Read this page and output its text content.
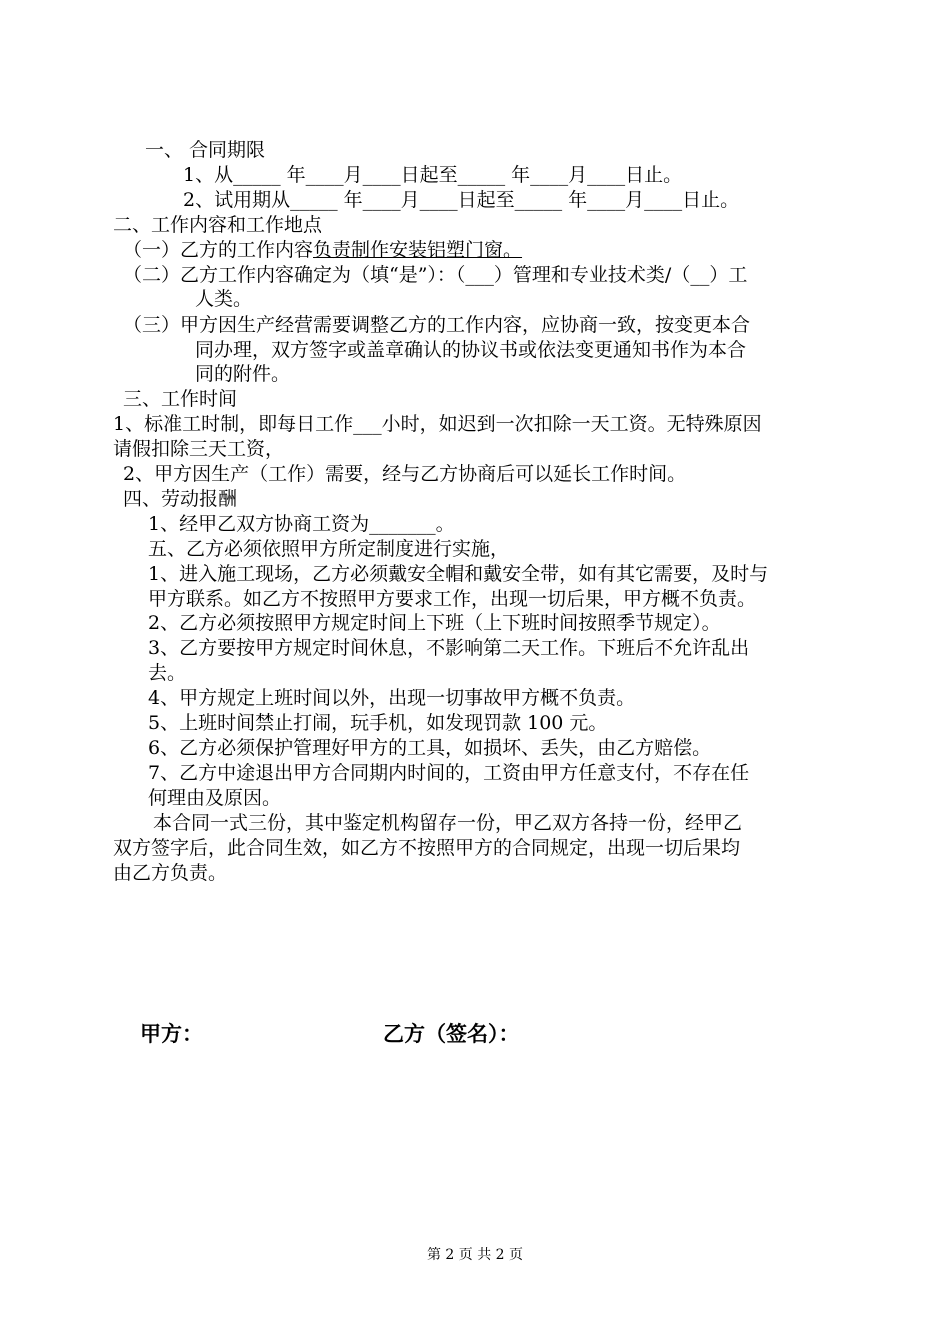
一、 合同期限
1、从_____ 年____月____日起至_____ 年____月____日止。
2、试用期从_____ 年____月____日起至_____ 年____月____日止。
二、工作内容和工作地点
（一）乙方的工作内容负责制作安装铝塑门窗。
（二）乙方工作内容确定为（填“是”）：（___）管理和专业技术类/（__）工
人类。
（三）甲方因生产经营需要调整乙方的工作内容，应协商一致，按变更本合
同办理，双方签字或盖章确认的协议书或依法变更通知书作为本合
同的附件。
三、工作时间
1、标准工时制，即每日工作___小时，如迟到一次扣除一天工资。无特殊原因
请假扣除三天工资，
2、甲方因生产（工作）需要，经与乙方协商后可以延长工作时间。
四、劳动报酬
1、经甲乙双方协商工资为_______。
五、乙方必须依照甲方所定制度进行实施，
1、进入施工现场，乙方必须戴安全帽和戴安全带，如有其它需要，及时与
甲方联系。如乙方不按照甲方要求工作，出现一切后果，甲方概不负责。
2、乙方必须按照甲方规定时间上下班（上下班时间按照季节规定）。
3、乙方要按甲方规定时间休息，不影响第二天工作。下班后不允许乱出
去。
4、甲方规定上班时间以外，出现一切事故甲方概不负责。
5、上班时间禁止打闹，玩手机，如发现罚款 100 元。
6、乙方必须保护管理好甲方的工具，如损坏、丢失，由乙方赔偿。
7、乙方中途退出甲方合同期内时间的，工资由甲方任意支付，不存在任
何理由及原因。
本合同一式三份，其中鉴定机构留存一份，甲乙双方各持一份，经甲乙
双方签字后，此合同生效，如乙方不按照甲方的合同规定，出现一切后果均
由乙方负责。
甲方：	乙方（签名）：
第 2 页 共 2 页
